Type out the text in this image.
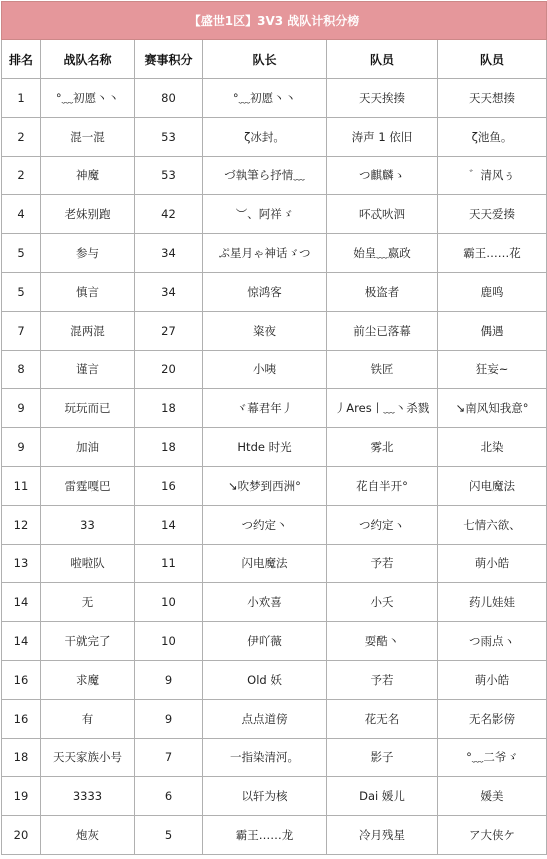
【盛世1区】3V3 战队计积分榜					
排名	战队名称	赛事积分	队长	队员	队员
1	°﹏初愿丶丶	80	°﹏初愿丶丶	天天挨揍	天天想揍
2	混一混	53	ζ冰封。	涛声 1 依旧	ζ池鱼。
2	神魔	53	づ執筆ら抒情﹏	つ麒麟ゝ	゛清风ぅ
4	老妹别跑	42	︶、阿祥ゞ	吥忒吙泗	天天爱揍
5	参与	34	ぷ星月ゃ神话ゞつ	始皇﹏嬴政	霸王……花
5	慎言	34	惊鸿客	极盗者	鹿鸣
7	混两混	27	粢夜	前尘已落幕	偶遇
8	谨言	20	小咦	铁匠	狂妄~
9	玩玩而已	18	ヾ幕君年丿	丿Ares丨﹏丶杀戮	↘南风知我意°
9	加油	18	Htde 时光	雾北	北染
11	雷霆嘎巴	16	↘吹梦到西洲°	花自半开°	闪电魔法
12	33	14	つ约定丶	つ约定ヽ	七情六欲、
13	啦啦队	11	闪电魔法	予若	萌小皓
14	无	10	小欢喜	小夭	药儿娃娃
14	干就完了	10	伊吖薇	耍酷丶	つ雨点ヽ
16	求魔	9	Old 妖	予若	萌小皓
16	有	9	点点道傍	花无名	无名影傍
18	天天家族小号	7	一指染清河。	影子	°﹏二爷ゞ
19	3333	6	以轩为核	Dai 媛儿	媛美
20	炮灰	5	霸王……龙	冷月残星	ア大侠ケ
